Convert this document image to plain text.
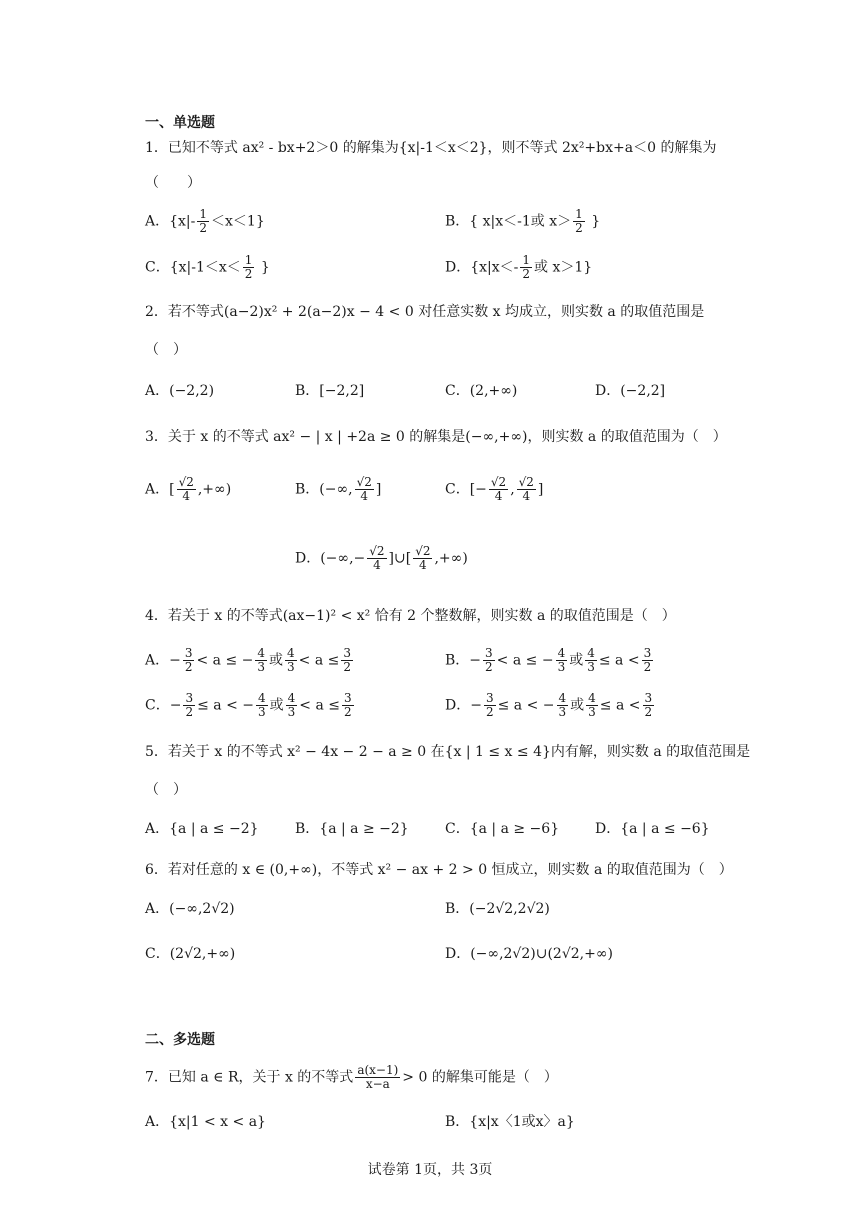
一、单选题
1．已知不等式 ax² - bx+2＞0 的解集为{x|-1＜x＜2}，则不等式 2x²+bx+a＜0 的解集为
（　　）
A．$\{x|- \frac{1}{2} <x<1\}$	B．{ x|x＜-1或 $x> \frac{1}{2}$ }
C．{$x|-1<x< \frac{1}{2}$ }	D．{$x|x<- \frac{1}{2}$ 或 x＞1}
2．若不等式(a−2)x² + 2(a−2)x − 4 < 0 对任意实数 x 均成立，则实数 a 的取值范围是
（　）
A．(−2,2)	B．[−2,2]	C．(2,+∞)	D．(−2,2]
3．关于 x 的不等式 ax² − | x | +2a ≥ 0 的解集是(−∞,+∞)，则实数 a 的取值范围为（　）
A．[ $\frac{√2}{4}$ ,+∞)	B．(−∞, $\frac{√2}{4}$ ]	C．[− $\frac{√2}{4}$ , $\frac{√2}{4}$ ]
D．(−∞,− $\frac{√2}{4}$ ]∪[ $\frac{√2}{4}$ ,+∞)
4．若关于 x 的不等式(ax−1)² < x² 恰有 2 个整数解，则实数 a 的取值范围是（　）
A．− $\frac{3}{2} < a$ ≤ − $\frac{4}{3}$ 或 $\frac{4}{3} < a \le \frac{3}{2}$	B．− $\frac{3}{2} < a$ ≤ − $\frac{4}{3}$ 或 $\frac{4}{3} \le a < \frac{3}{2}$
C．− $\frac{3}{2} \le a$ < − $\frac{4}{3}$ 或 $\frac{4}{3} < a \le \frac{3}{2}$	D．− $\frac{3}{2} \le a$ < − $\frac{4}{3}$ 或 $\frac{4}{3} \le a < \frac{3}{2}$
5．若关于 x 的不等式 x² − 4x − 2 − a ≥ 0 在{x | 1 ≤ x ≤ 4}内有解，则实数 a 的取值范围是
（　）
A．{a | a ≤ −2}	B．{a | a ≥ −2}	C．{a | a ≥ −6}	D．{a | a ≤ −6}
6．若对任意的 x ∈ (0,+∞)，不等式 x² − ax + 2 > 0 恒成立，则实数 a 的取值范围为（　）
A．(−∞,2√2)	B．(−2√2,2√2)
C．(2√2,+∞)	D．(−∞,2√2)∪(2√2,+∞)
二、多选题
7．已知 a ∈ R，关于 x 的不等式 $\frac{a(x-1)}{x-a} > 0$ 的解集可能是（　）
A．{x|1 < x < a}	B．{x|x〈1或x〉a}
试卷第 1页，共 3页
